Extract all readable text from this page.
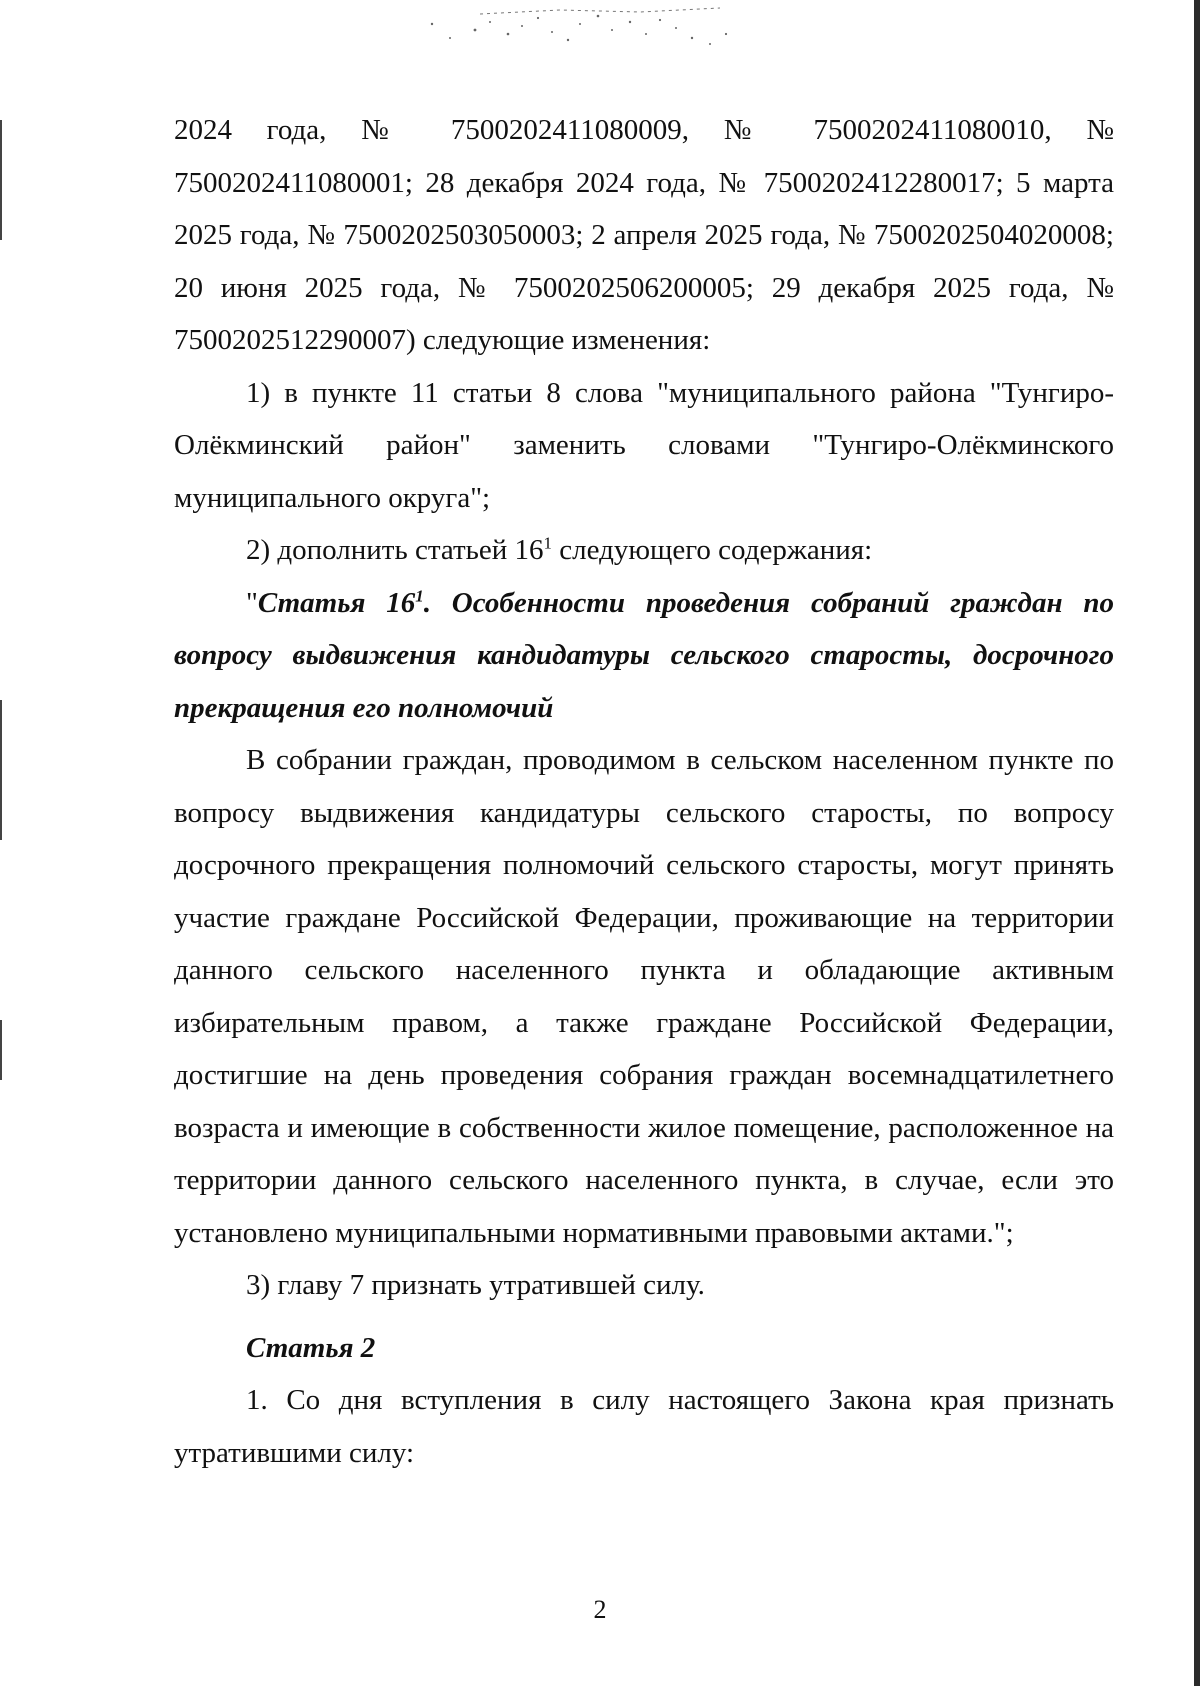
2024 года, № 7500202411080009, № 7500202411080010, № 7500202411080001; 28 декабря 2024 года, № 7500202412280017; 5 марта 2025 года, № 7500202503050003; 2 апреля 2025 года, № 7500202504020008; 20 июня 2025 года, № 7500202506200005; 29 декабря 2025 года, № 7500202512290007) следующие изменения:

1) в пункте 11 статьи 8 слова "муниципального района "Тунгиро-Олёкминский район" заменить словами "Тунгиро-Олёкминского муниципального округа";

2) дополнить статьей $16^1$ следующего содержания:

"Статья $16^1$. Особенности проведения собраний граждан по вопросу выдвижения кандидатуры сельского старосты, досрочного прекращения его полномочий

В собрании граждан, проводимом в сельском населенном пункте по вопросу выдвижения кандидатуры сельского старосты, по вопросу досрочного прекращения полномочий сельского старосты, могут принять участие граждане Российской Федерации, проживающие на территории данного сельского населенного пункта и обладающие активным избирательным правом, а также граждане Российской Федерации, достигшие на день проведения собрания граждан восемнадцатилетнего возраста и имеющие в собственности жилое помещение, расположенное на территории данного сельского населенного пункта, в случае, если это установлено муниципальными нормативными правовыми актами.";

3) главу 7 признать утратившей силу.

Статья 2

1. Со дня вступления в силу настоящего Закона края признать утратившими силу:

2
